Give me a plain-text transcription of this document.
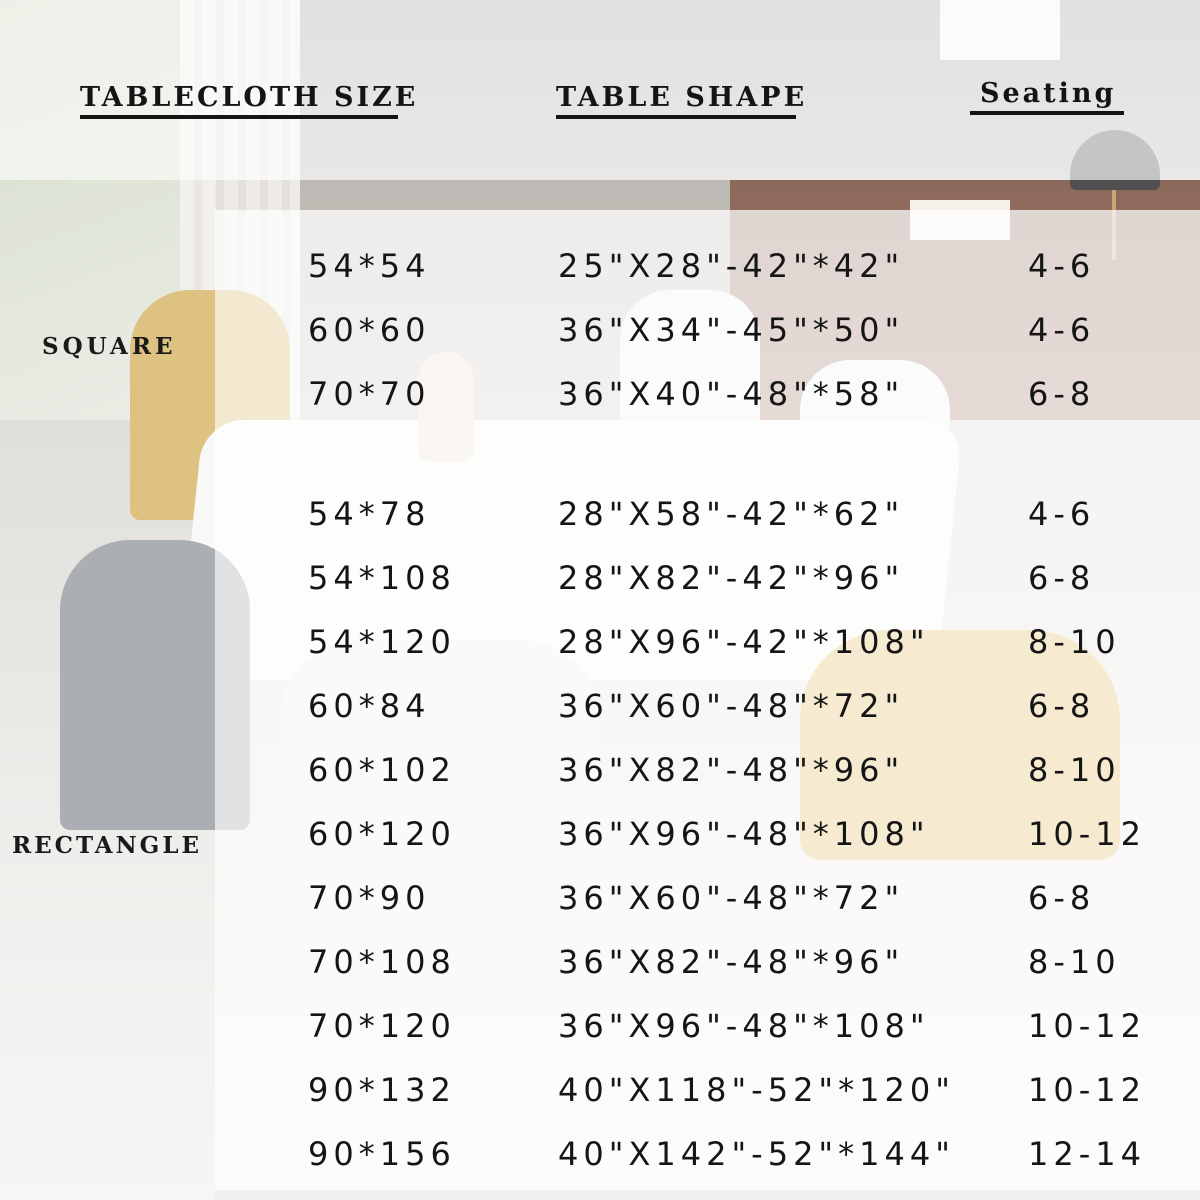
TABLECLOTH SIZE	TABLE SHAPE	Seating
SQUARE
RECTANGLE
54*54	25"X28"-42"*42"	4-6
60*60	36"X34"-45"*50"	4-6
70*70	36"X40"-48"*58"	6-8
54*78	28"X58"-42"*62"	4-6
54*108	28"X82"-42"*96"	6-8
54*120	28"X96"-42"*108"	8-10
60*84	36"X60"-48"*72"	6-8
60*102	36"X82"-48"*96"	8-10
60*120	36"X96"-48"*108"	10-12
70*90	36"X60"-48"*72"	6-8
70*108	36"X82"-48"*96"	8-10
70*120	36"X96"-48"*108"	10-12
90*132	40"X118"-52"*120" 10-12
90*156	40"X142"-52"*144" 12-14
